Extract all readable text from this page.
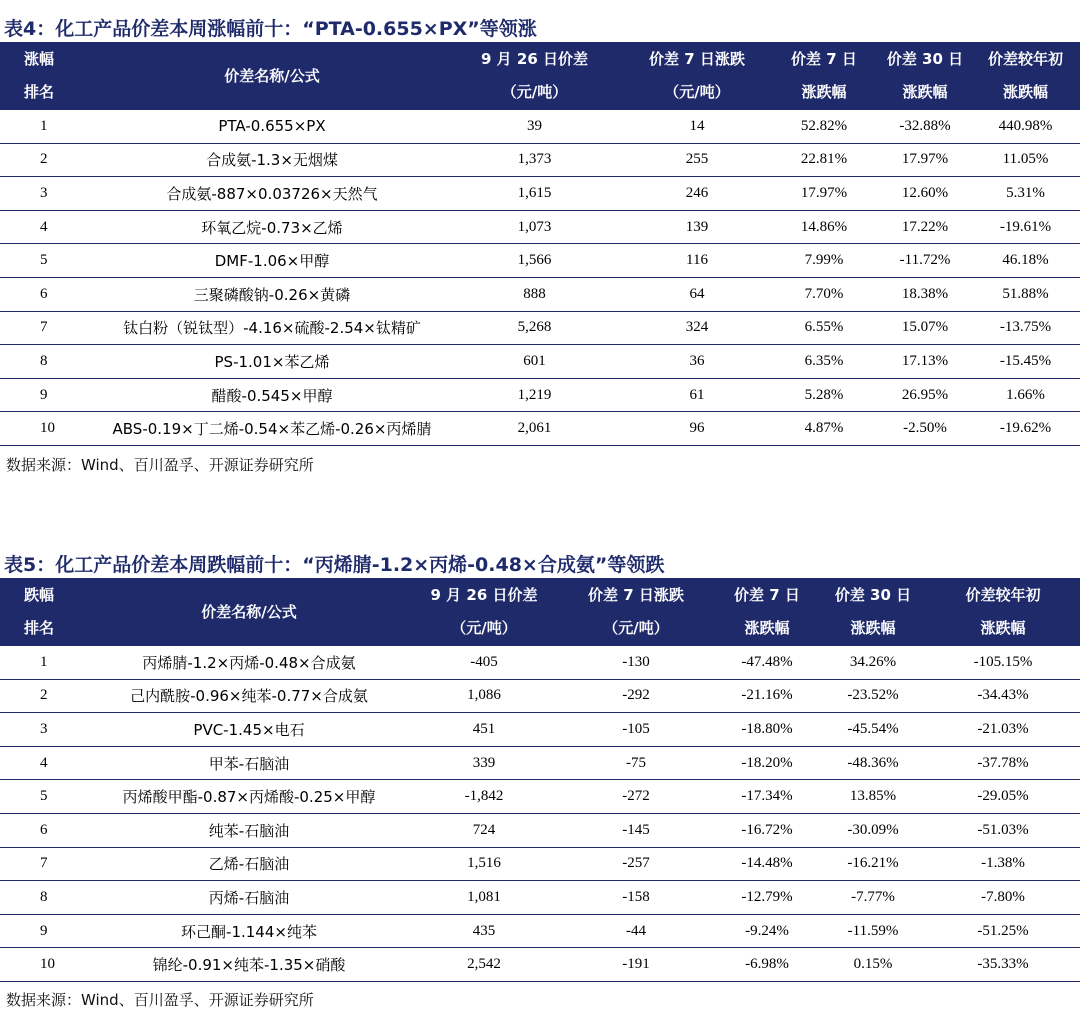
表4：化工产品价差本周涨幅前十：“PTA-0.655×PX”等领涨
涨幅	价差名称/公式	9 月 26 日价差	价差 7 日涨跌	价差 7 日	价差 30 日	价差较年初
排名		（元/吨）	（元/吨）	涨跌幅	涨跌幅	涨跌幅
1	PTA-0.655×PX	39	14	52.82%	-32.88%	440.98%
2	合成氨-1.3×无烟煤	1,373	255	22.81%	17.97%	11.05%
3	合成氨-887×0.03726×天然气	1,615	246	17.97%	12.60%	5.31%
4	环氧乙烷-0.73×乙烯	1,073	139	14.86%	17.22%	-19.61%
5	DMF-1.06×甲醇	1,566	116	7.99%	-11.72%	46.18%
6	三聚磷酸钠-0.26×黄磷	888	64	7.70%	18.38%	51.88%
7	钛白粉（锐钛型）-4.16×硫酸-2.54×钛精矿	5,268	324	6.55%	15.07%	-13.75%
8	PS-1.01×苯乙烯	601	36	6.35%	17.13%	-15.45%
9	醋酸-0.545×甲醇	1,219	61	5.28%	26.95%	1.66%
10	ABS-0.19×丁二烯-0.54×苯乙烯-0.26×丙烯腈	2,061	96	4.87%	-2.50%	-19.62%
数据来源：Wind、百川盈孚、开源证券研究所
表5：化工产品价差本周跌幅前十：“丙烯腈-1.2×丙烯-0.48×合成氨”等领跌
跌幅	价差名称/公式	9 月 26 日价差	价差 7 日涨跌	价差 7 日	价差 30 日	价差较年初
排名		（元/吨）	（元/吨）	涨跌幅	涨跌幅	涨跌幅
1	丙烯腈-1.2×丙烯-0.48×合成氨	-405	-130	-47.48%	34.26%	-105.15%
2	己内酰胺-0.96×纯苯-0.77×合成氨	1,086	-292	-21.16%	-23.52%	-34.43%
3	PVC-1.45×电石	451	-105	-18.80%	-45.54%	-21.03%
4	甲苯-石脑油	339	-75	-18.20%	-48.36%	-37.78%
5	丙烯酸甲酯-0.87×丙烯酸-0.25×甲醇	-1,842	-272	-17.34%	13.85%	-29.05%
6	纯苯-石脑油	724	-145	-16.72%	-30.09%	-51.03%
7	乙烯-石脑油	1,516	-257	-14.48%	-16.21%	-1.38%
8	丙烯-石脑油	1,081	-158	-12.79%	-7.77%	-7.80%
9	环己酮-1.144×纯苯	435	-44	-9.24%	-11.59%	-51.25%
10	锦纶-0.91×纯苯-1.35×硝酸	2,542	-191	-6.98%	0.15%	-35.33%
数据来源：Wind、百川盈孚、开源证券研究所
